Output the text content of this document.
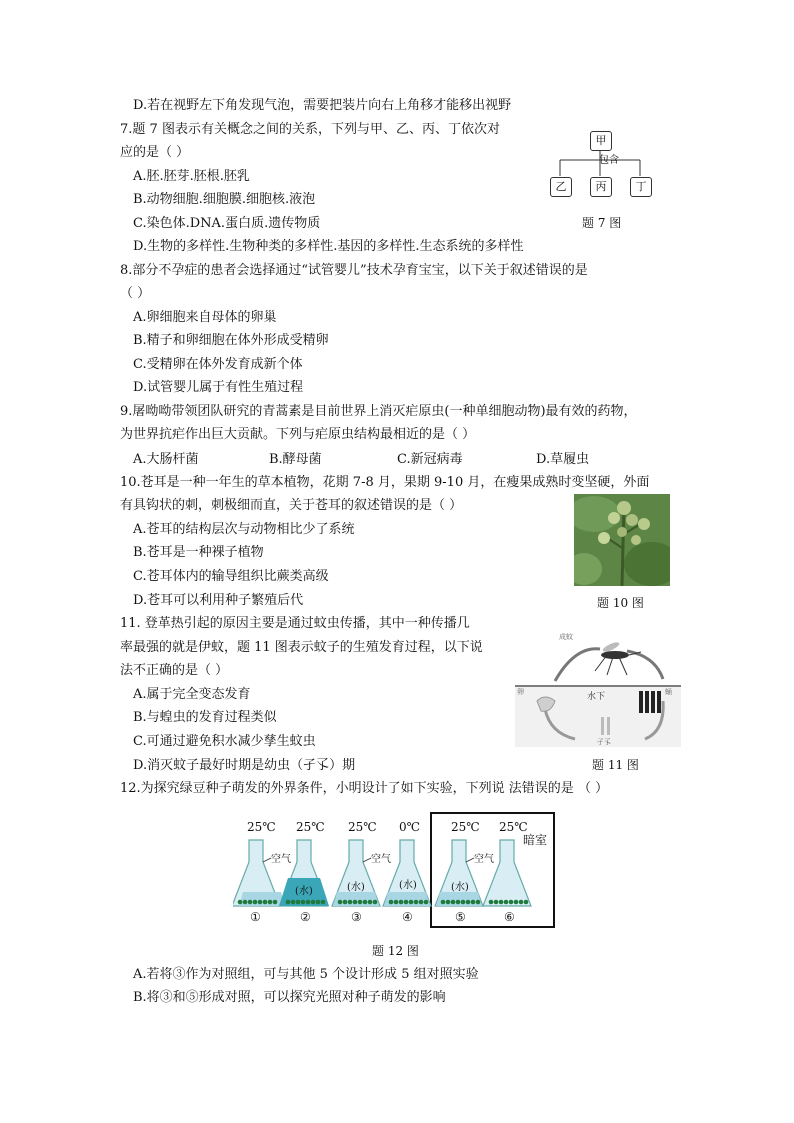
D.若在视野左下角发现气泡，需要把装片向右上角移才能移出视野
7.题 7 图表示有关概念之间的关系，下列与甲、乙、丙、丁依次对
应的是（ ）
A.胚.胚芽.胚根.胚乳
B.动物细胞.细胞膜.细胞核.液泡
C.染色体.DNA.蛋白质.遗传物质
D.生物的多样性.生物种类的多样性.基因的多样性.生态系统的多样性
8.部分不孕症的患者会选择通过“试管婴儿”技术孕育宝宝，以下关于叙述错误的是
（ ）
A.卵细胞来自母体的卵巢
B.精子和卵细胞在体外形成受精卵
C.受精卵在体外发育成新个体
D.试管婴儿属于有性生殖过程
9.屠呦呦带领团队研究的青蒿素是目前世界上消灭疟原虫(一种单细胞动物)最有效的药物，
为世界抗疟作出巨大贡献。下列与疟原虫结构最相近的是（ ）
A.大肠杆菌	B.酵母菌	C.新冠病毒	D.草履虫
10.苍耳是一种一年生的草本植物，花期 7-8 月，果期 9-10 月，在瘦果成熟时变坚硬，外面
有具钩状的刺，刺极细而直，关于苍耳的叙述错误的是（ ）
A.苍耳的结构层次与动物相比少了系统
B.苍耳是一种裸子植物
C.苍耳体内的输导组织比蕨类高级
D.苍耳可以利用种子繁殖后代
11. 登革热引起的原因主要是通过蚊虫传播，其中一种传播几
率最强的就是伊蚊，题 11 图表示蚊子的生殖发育过程，以下说
法不正确的是（ ）
A.属于完全变态发育
B.与蝗虫的发育过程类似
C.可通过避免积水减少孳生蚊虫
D.消灭蚊子最好时期是幼虫（孑孓）期
12.为探究绿豆种子萌发的外界条件，小明设计了如下实验，下列说 法错误的是 （ ）
A.若将③作为对照组，可与其他 5 个设计形成 5 组对照实验
B.将③和⑤形成对照，可以探究光照对种子萌发的影响
甲
包含
乙	丙	丁
题 7 图
题 10 图
成蚊
水下
卵
孑孓
蛹
题 11 图
暗室
25℃ 25℃ 25℃ 0℃	25℃ 25℃
空气	空气	空气
(水)	(水)	(水)	(水)
①	②	③	④	⑤	⑥
题 12 图
